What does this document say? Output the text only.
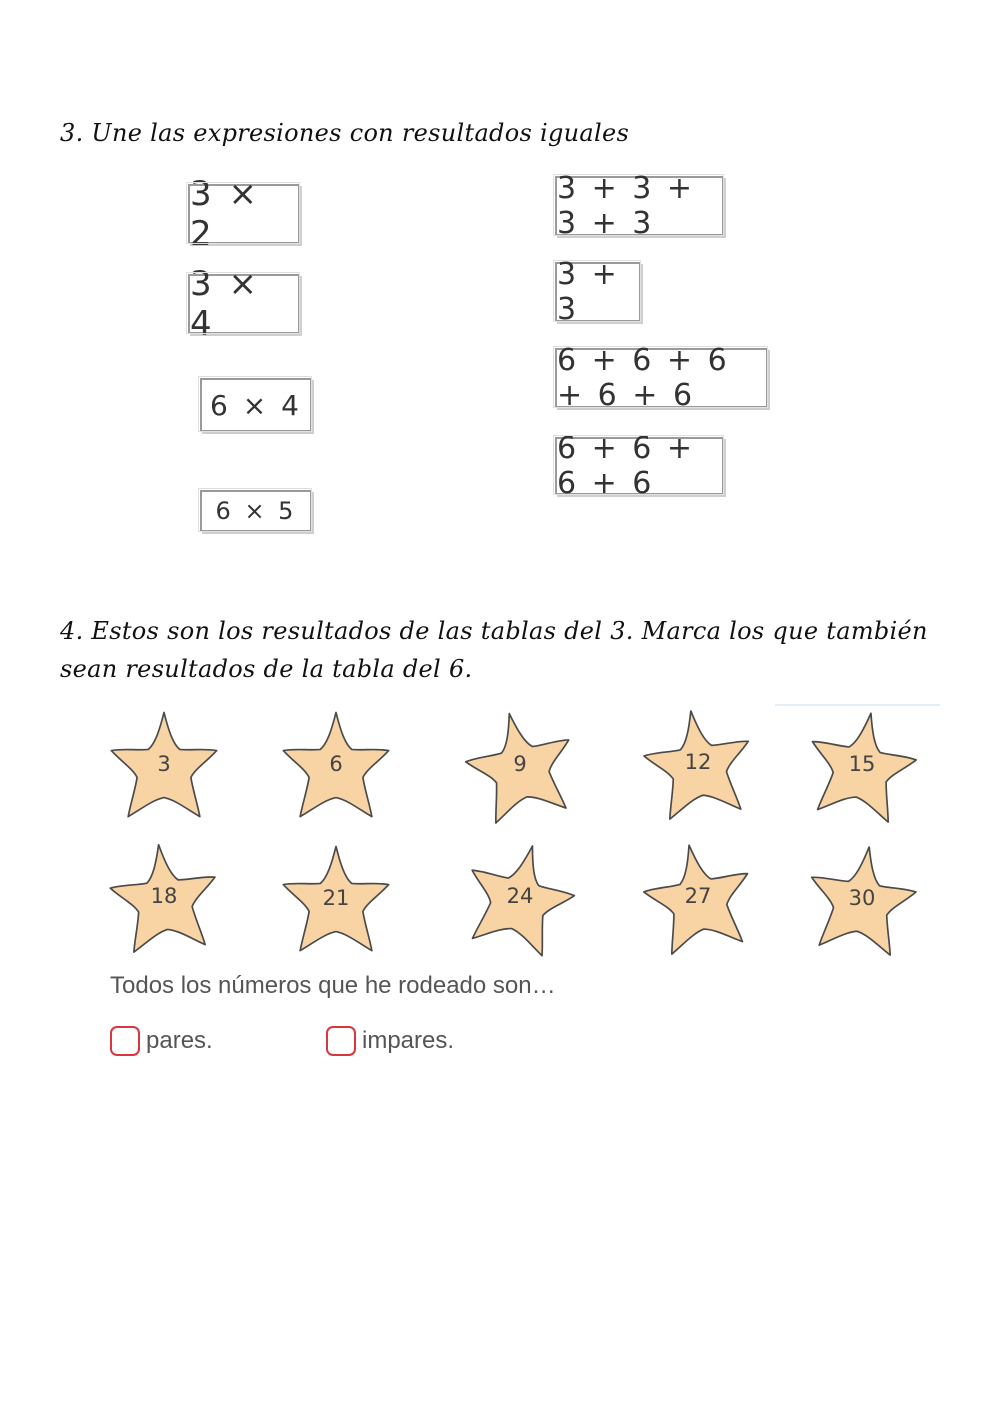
3. Une las expresiones con resultados iguales
3 × 2
3 × 4
6 × 4
6 × 5
3 + 3 + 3 + 3
3 + 3
6 + 6 + 6 + 6 + 6
6 + 6 + 6 + 6
4. Estos son los resultados de las tablas del 3. Marca los que también sean resultados de la tabla del 6.
3	6	9	12	15
18	21	24	27	30
Todos los números que he rodeado son…
pares.	impares.
